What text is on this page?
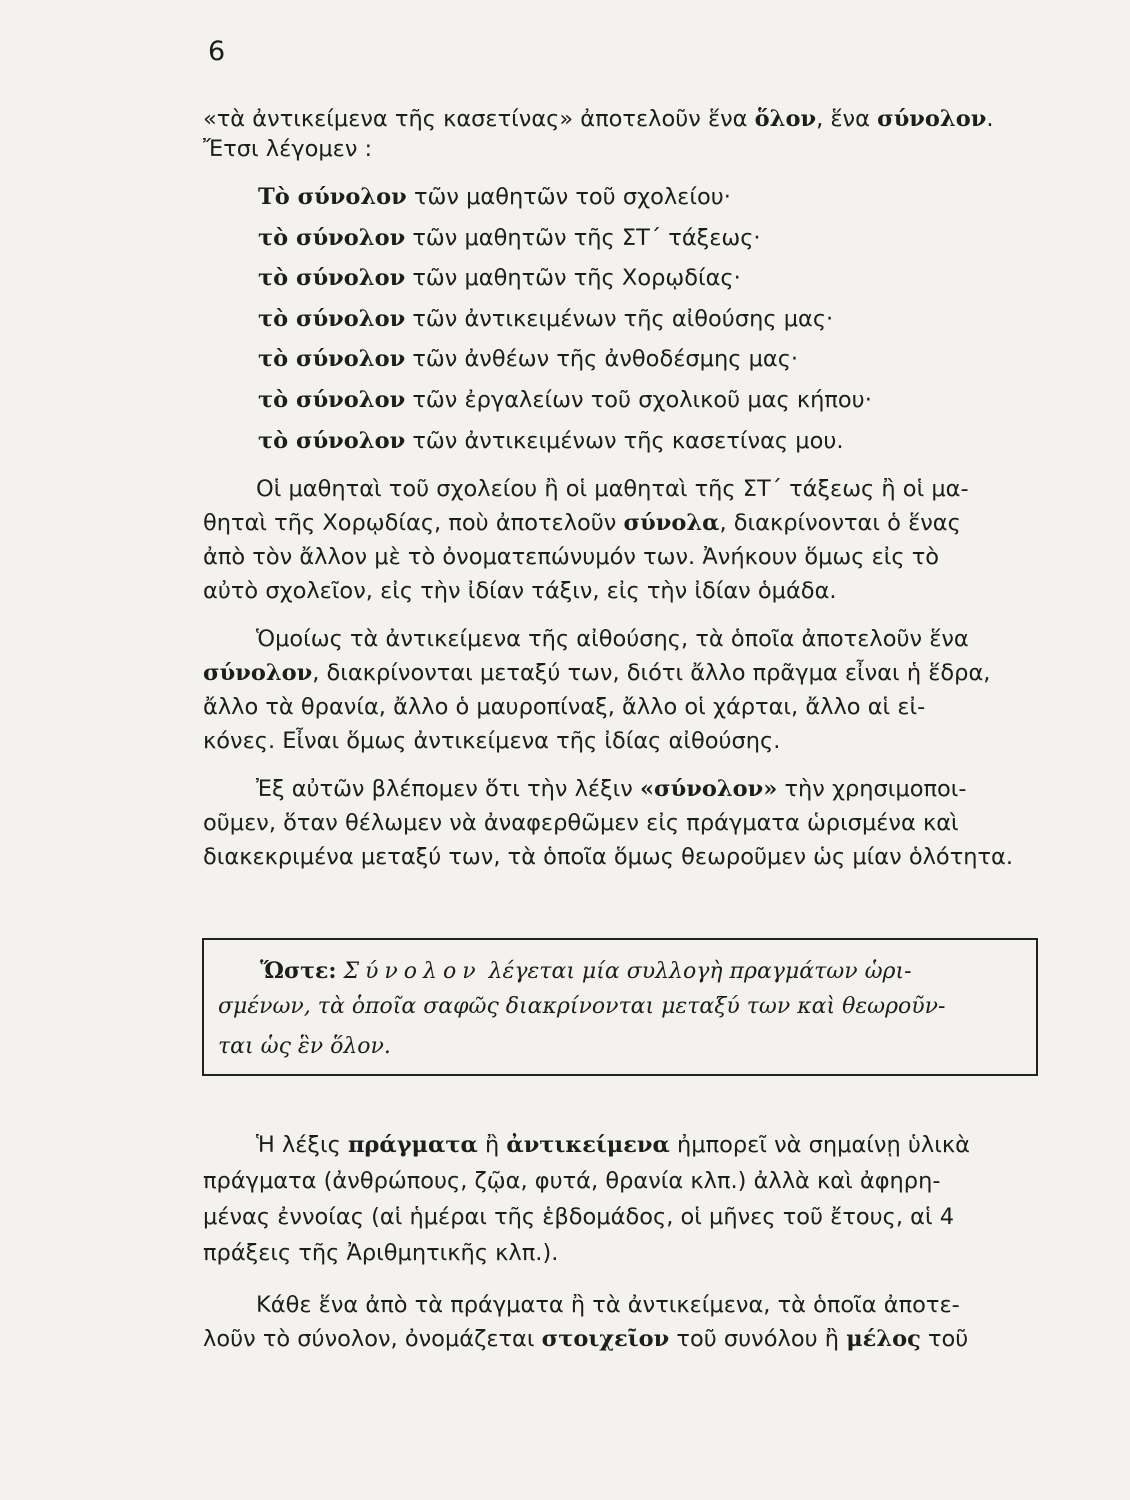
6
«τὰ ἀντικείμενα τῆς κασετίνας» ἀποτελοῦν ἕνα ὅλον, ἕνα σύνολον.
Ἔτσι λέγομεν :
Τὸ σύνολον τῶν μαθητῶν τοῦ σχολείου·
τὸ σύνολον τῶν μαθητῶν τῆς ΣΤ΄ τάξεως·
τὸ σύνολον τῶν μαθητῶν τῆς Χορῳδίας·
τὸ σύνολον τῶν ἀντικειμένων τῆς αἰθούσης μας·
τὸ σύνολον τῶν ἀνθέων τῆς ἀνθοδέσμης μας·
τὸ σύνολον τῶν ἐργαλείων τοῦ σχολικοῦ μας κήπου·
τὸ σύνολον τῶν ἀντικειμένων τῆς κασετίνας μου.
Οἱ μαθηταὶ τοῦ σχολείου ἢ οἱ μαθηταὶ τῆς ΣΤ΄ τάξεως ἢ οἱ μα-
θηταὶ τῆς Χορῳδίας, ποὺ ἀποτελοῦν σύνολα, διακρίνονται ὁ ἕνας
ἀπὸ τὸν ἄλλον μὲ τὸ ὀνοματεπώνυμόν των. Ἀνήκουν ὅμως εἰς τὸ
αὐτὸ σχολεῖον, εἰς τὴν ἰδίαν τάξιν, εἰς τὴν ἰδίαν ὁμάδα.
Ὁμοίως τὰ ἀντικείμενα τῆς αἰθούσης, τὰ ὁποῖα ἀποτελοῦν ἕνα
σύνολον, διακρίνονται μεταξύ των, διότι ἄλλο πρᾶγμα εἶναι ἡ ἕδρα,
ἄλλο τὰ θρανία, ἄλλο ὁ μαυροπίναξ, ἄλλο οἱ χάρται, ἄλλο αἱ εἰ-
κόνες. Εἶναι ὅμως ἀντικείμενα τῆς ἰδίας αἰθούσης.
Ἐξ αὐτῶν βλέπομεν ὅτι τὴν λέξιν «σύνολον» τὴν χρησιμοποι-
οῦμεν, ὅταν θέλωμεν νὰ ἀναφερθῶμεν εἰς πράγματα ὡρισμένα καὶ
διακεκριμένα μεταξύ των, τὰ ὁποῖα ὅμως θεωροῦμεν ὡς μίαν ὁλότητα.
Ὥστε: Σύνολον λέγεται μία συλλογὴ πραγμάτων ὡρι-
σμένων, τὰ ὁποῖα σαφῶς διακρίνονται μεταξύ των καὶ θεωροῦν-
ται ὡς ἓν ὅλον.
Ἡ λέξις πράγματα ἢ ἀντικείμενα ἠμπορεῖ νὰ σημαίνῃ ὑλικὰ
πράγματα (ἀνθρώπους, ζῷα, φυτά, θρανία κλπ.) ἀλλὰ καὶ ἀφηρη-
μένας ἐννοίας (αἱ ἡμέραι τῆς ἑβδομάδος, οἱ μῆνες τοῦ ἔτους, αἱ 4
πράξεις τῆς Ἀριθμητικῆς κλπ.).
Κάθε ἕνα ἀπὸ τὰ πράγματα ἢ τὰ ἀντικείμενα, τὰ ὁποῖα ἀποτε-
λοῦν τὸ σύνολον, ὀνομάζεται στοιχεῖον τοῦ συνόλου ἢ μέλος τοῦ
